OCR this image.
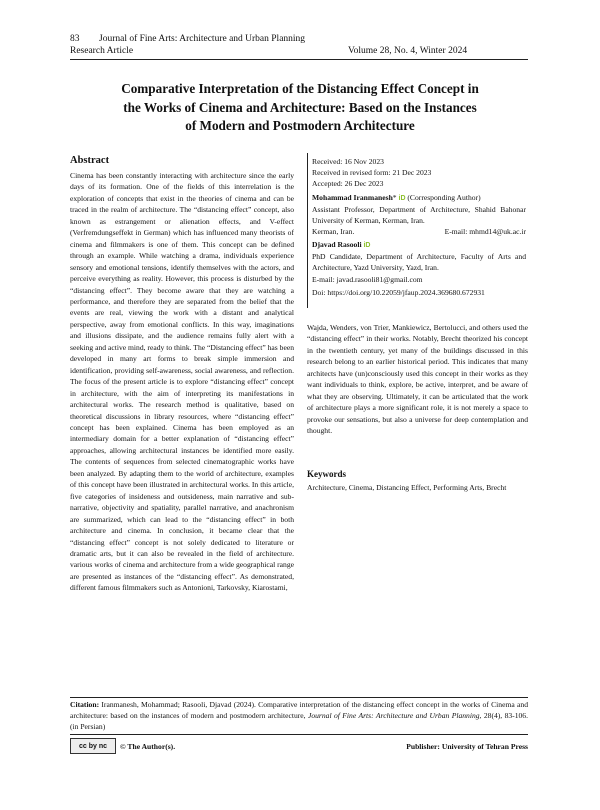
83 Journal of Fine Arts: Architecture and Urban Planning
Research Article	Volume 28, No. 4, Winter 2024
Comparative Interpretation of the Distancing Effect Concept in
the Works of Cinema and Architecture: Based on the Instances
of Modern and Postmodern Architecture
Abstract
Cinema has been constantly interacting with architecture since the early days of its formation. One of the fields of this interrelation is the exploration of concepts that exist in the theories of cinema and can be traced in the realm of architecture. The “distancing effect” concept, also known as estrangement or alienation effects, and V-effect (Verfremdungseffekt in German) which has influenced many theorists of cinema and filmmakers is one of them. This concept can be defined through an example. While watching a drama, individuals experience sensory and emotional tensions, identify themselves with the actors, and perceive everything as reality. However, this process is disturbed by the “distancing effect”. They become aware that they are watching a performance, and therefore they are separated from the belief that the events are real, viewing the work with a distant and analytical perspective, away from emotional conflicts. In this way, imaginations and illusions dissipate, and the audience remains fully alert with a seeking and active mind, ready to think. The “Distancing effect” has been developed in many art forms to break simple immersion and identification, providing self-awareness, social awareness, and reflection. The focus of the present article is to explore “distancing effect” concept in architecture, with the aim of interpreting its manifestations in architectural works. The research method is qualitative, based on theoretical discussions in library resources, where “distancing effect” concept has been explained. Cinema has been employed as an intermediary domain for a better explanation of “distancing effect” approaches, allowing architectural instances be identified more easily. The contents of sequences from selected cinematographic works have been analyzed. By adapting them to the world of architecture, examples of this concept have been illustrated in architectural works. In this article, five categories of insideness and outsideness, main narrative and sub-narrative, objectivity and spatiality, parallel narrative, and anachronism are summarized, which can lead to the “distancing effect” in both architecture and cinema. In conclusion, it became clear that the “distancing effect” concept is not solely dedicated to literature or dramatic arts, but it can also be revealed in the field of architecture. various works of cinema and architecture from a wide geographical range are presented as instances of the “distancing effect”. As demonstrated, different famous filmmakers such as Antonioni, Tarkovsky, Kiarostami,
Received: 16 Nov 2023
Received in revised form: 21 Dec 2023
Accepted: 26 Dec 2023
Mohammad Iranmanesh* iD (Corresponding Author)
Assistant Professor, Department of Architecture, Shahid Bahonar University of Kerman, Kerman, Iran.
Kerman, Iran.	E-mail: mhmd14@uk.ac.ir
Djavad Rasooli iD
PhD Candidate, Department of Architecture, Faculty of Arts and Architecture, Yazd University, Yazd, Iran.
E-mail: javad.rasooli81@gmail.com
Doi: https://doi.org/10.22059/jfaup.2024.369680.672931
Wajda, Wenders, von Trier, Mankiewicz, Bertolucci, and others used the “distancing effect” in their works. Notably, Brecht theorized his concept in the twentieth century, yet many of the buildings discussed in this research belong to an earlier historical period. This indicates that many architects have (un)consciously used this concept in their works as they want individuals to think, explore, be active, interpret, and be aware of what they are observing. Ultimately, it can be articulated that the work of architecture plays a more significant role, it is not merely a space to provoke our sensations, but also a universe for deep contemplation and thought.
Keywords
Architecture, Cinema, Distancing Effect, Performing Arts, Brecht
Citation: Iranmanesh, Mohammad; Rasooli, Djavad (2024). Comparative interpretation of the distancing effect concept in the works of Cinema and architecture: based on the instances of modern and postmodern architecture, Journal of Fine Arts: Architecture and Urban Planning, 28(4), 83-106. (in Persian)
cc by nc	© The Author(s).	Publisher: University of Tehran Press
